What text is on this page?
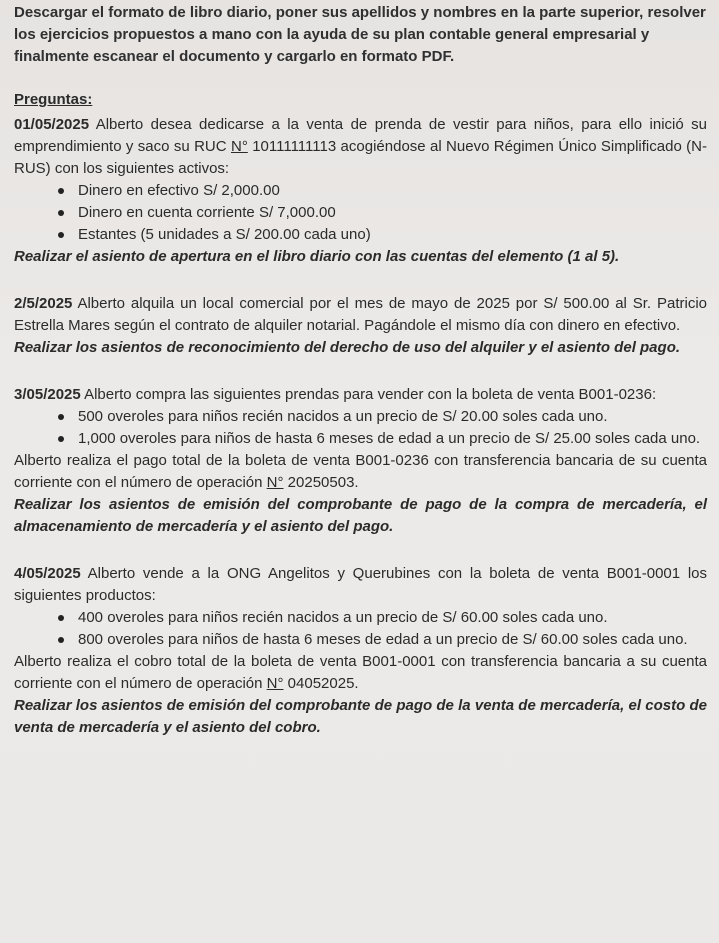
Descargar el formato de libro diario, poner sus apellidos y nombres en la parte superior, resolver los ejercicios propuestos a mano con la ayuda de su plan contable general empresarial y finalmente escanear el documento y cargarlo en formato PDF.

Preguntas:

01/05/2025 Alberto desea dedicarse a la venta de prenda de vestir para niños, para ello inició su emprendimiento y saco su RUC N° 10111111113 acogiéndose al Nuevo Régimen Único Simplificado (N-RUS) con los siguientes activos:

Dinero en efectivo S/ 2,000.00
Dinero en cuenta corriente S/ 7,000.00
Estantes (5 unidades a S/ 200.00 cada uno)

Realizar el asiento de apertura en el libro diario con las cuentas del elemento (1 al 5).

2/5/2025 Alberto alquila un local comercial por el mes de mayo de 2025 por S/ 500.00 al Sr. Patricio Estrella Mares según el contrato de alquiler notarial. Pagándole el mismo día con dinero en efectivo.

Realizar los asientos de reconocimiento del derecho de uso del alquiler y el asiento del pago.

3/05/2025 Alberto compra las siguientes prendas para vender con la boleta de venta B001-0236:

500 overoles para niños recién nacidos a un precio de S/ 20.00 soles cada uno.
1,000 overoles para niños de hasta 6 meses de edad a un precio de S/ 25.00 soles cada uno.

Alberto realiza el pago total de la boleta de venta B001-0236 con transferencia bancaria de su cuenta corriente con el número de operación N° 20250503.

Realizar los asientos de emisión del comprobante de pago de la compra de mercadería, el almacenamiento de mercadería y el asiento del pago.

4/05/2025 Alberto vende a la ONG Angelitos y Querubines con la boleta de venta B001-0001 los siguientes productos:

400 overoles para niños recién nacidos a un precio de S/ 60.00 soles cada uno.
800 overoles para niños de hasta 6 meses de edad a un precio de S/ 60.00 soles cada uno.

Alberto realiza el cobro total de la boleta de venta B001-0001 con transferencia bancaria a su cuenta corriente con el número de operación N° 04052025.

Realizar los asientos de emisión del comprobante de pago de la venta de mercadería, el costo de venta de mercadería y el asiento del cobro.
